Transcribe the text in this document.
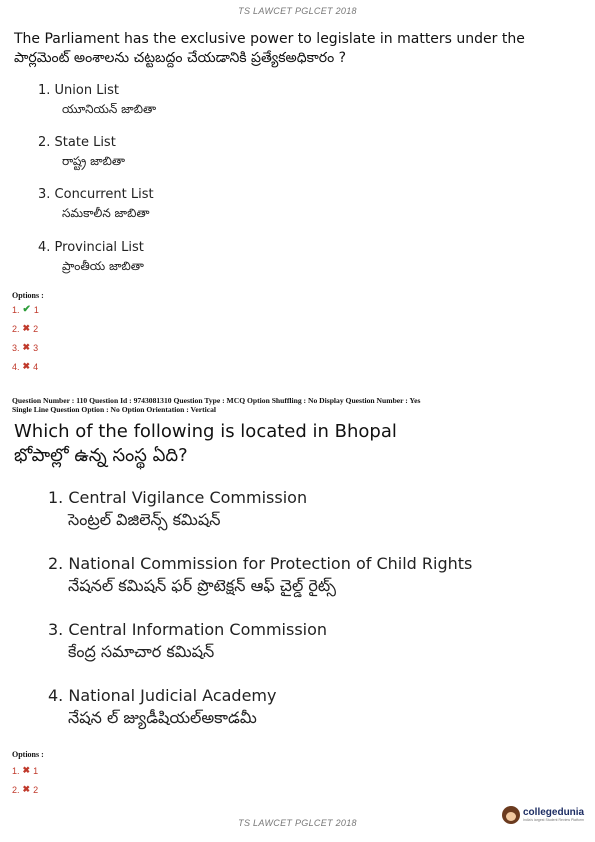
TS LAWCET PGLCET 2018
The Parliament has the exclusive power to legislate in matters under the
పార్లమెంట్ అంశాలను చట్టబద్దం చేయడానికి ప్రత్యేకఅధికారం ?
1. Union List
యూనియన్ జాబితా
2. State List
రాష్ట్ర జాబితా
3. Concurrent List
సమకాలీన జాబితా
4. Provincial List
ప్రాంతీయ జాబితా
Options :
1. ✔ 1
2. ✖ 2
3. ✖ 3
4. ✖ 4
Question Number : 110 Question Id : 9743081310 Question Type : MCQ Option Shuffling : No Display Question Number : Yes
Single Line Question Option : No Option Orientation : Vertical
Which of the following is located in Bhopal
భోపాల్లో ఉన్న సంస్థ ఏది?
1. Central Vigilance Commission
సెంట్రల్ విజిలెన్స్ కమిషన్
2. National Commission for Protection of Child Rights
నేషనల్ కమిషన్ ఫర్ ప్రొటెక్షన్ ఆఫ్ చైల్డ్ రైట్స్
3. Central Information Commission
కేంద్ర సమాచార కమిషన్
4. National Judicial Academy
నేషన ల్ జ్యుడీషియల్అకాడమీ
Options :
1. ✖ 1
2. ✖ 2
TS LAWCET PGLCET 2018
collegedunia
India's largest Student Review Platform
